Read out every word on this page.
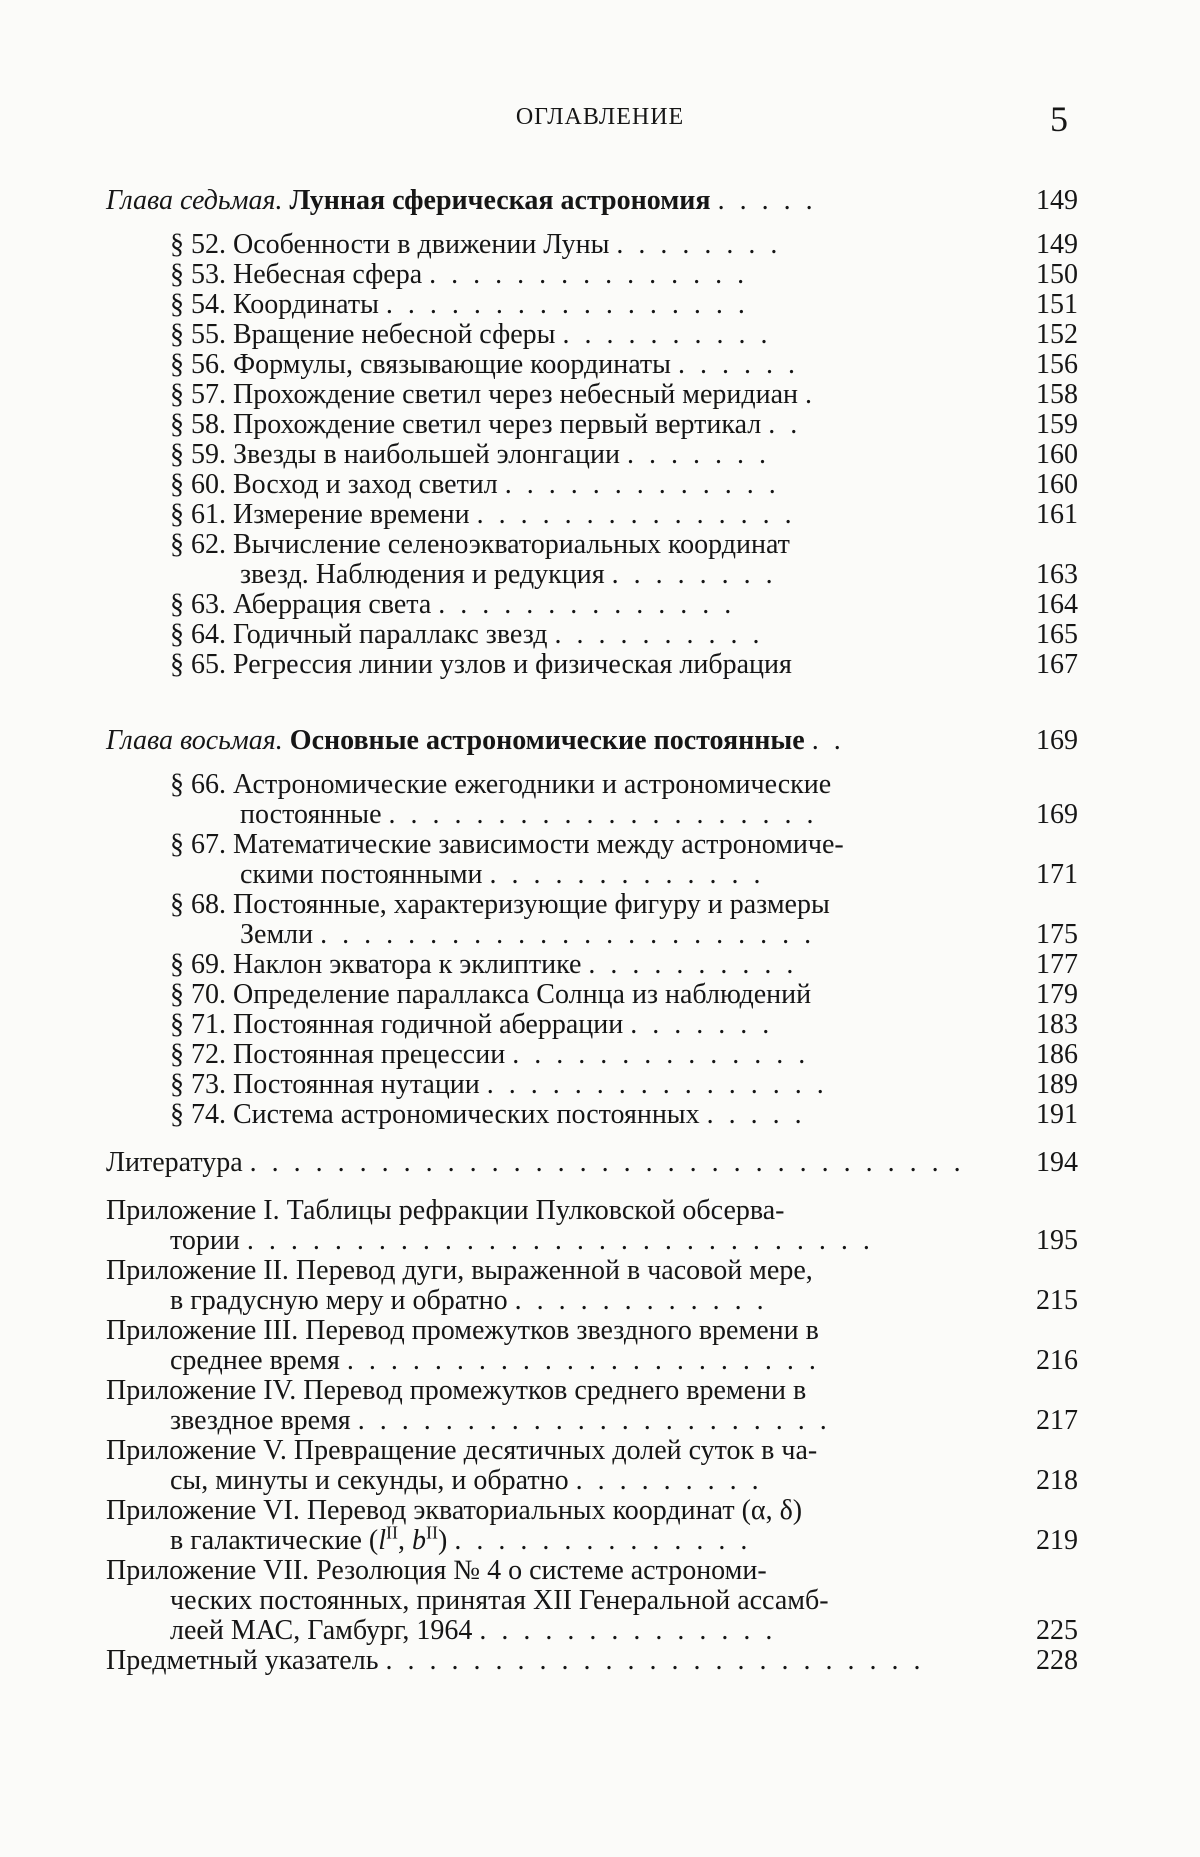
ОГЛАВЛЕНИЕ	5
Глава седьмая. Лунная сферическая астрономия . . . . .	149
§ 52. Особенности в движении Луны . . . . . . . .	149
§ 53. Небесная сфера . . . . . . . . . . . . . . .	150
§ 54. Координаты . . . . . . . . . . . . . . . . .	151
§ 55. Вращение небесной сферы . . . . . . . . . .	152
§ 56. Формулы, связывающие координаты . . . . . .	156
§ 57. Прохождение светил через небесный меридиан .	158
§ 58. Прохождение светил через первый вертикал . .	159
§ 59. Звезды в наибольшей элонгации . . . . . . .	160
§ 60. Восход и заход светил . . . . . . . . . . . . .	160
§ 61. Измерение времени . . . . . . . . . . . . . . .	161
§ 62. Вычисление селеноэкваториальных координат
звезд. Наблюдения и редукция . . . . . . . .	163
§ 63. Аберрация света . . . . . . . . . . . . . .	164
§ 64. Годичный параллакс звезд . . . . . . . . . .	165
§ 65. Регрессия линии узлов и физическая либрация	167
Глава восьмая. Основные астрономические постоянные . .	169
§ 66. Астрономические ежегодники и астрономические
постоянные . . . . . . . . . . . . . . . . . . . .	169
§ 67. Математические зависимости между астрономиче-
скими постоянными . . . . . . . . . . . . .	171
§ 68. Постоянные, характеризующие фигуру и размеры
Земли . . . . . . . . . . . . . . . . . . . . . . .	175
§ 69. Наклон экватора к эклиптике . . . . . . . . . .	177
§ 70. Определение параллакса Солнца из наблюдений	179
§ 71. Постоянная годичной аберрации . . . . . . .	183
§ 72. Постоянная прецессии . . . . . . . . . . . . . .	186
§ 73. Постоянная нутации . . . . . . . . . . . . . . . .	189
§ 74. Система астрономических постоянных . . . . .	191
Литература . . . . . . . . . . . . . . . . . . . . . . . . . . . . . . . . .	194
Приложение I. Таблицы рефракции Пулковской обсерва-
тории . . . . . . . . . . . . . . . . . . . . . . . . . . . . .	195
Приложение II. Перевод дуги, выраженной в часовой мере,
в градусную меру и обратно . . . . . . . . . . . .	215
Приложение III. Перевод промежутков звездного времени в
среднее время . . . . . . . . . . . . . . . . . . . . . .	216
Приложение IV. Перевод промежутков среднего времени в
звездное время . . . . . . . . . . . . . . . . . . . . . .	217
Приложение V. Превращение десятичных долей суток в ча-
сы, минуты и секунды, и обратно . . . . . . . . .	218
Приложение VI. Перевод экваториальных координат (α, δ)
в галактические ($l^{II}$, $b^{II}$) . . . . . . . . . . . . . .	219
Приложение VII. Резолюция № 4 о системе астрономи-
ческих постоянных, принятая XII Генеральной ассамб-
леей МАС, Гамбург, 1964 . . . . . . . . . . . . . .	225
Предметный указатель . . . . . . . . . . . . . . . . . . . . . . . . .	228
